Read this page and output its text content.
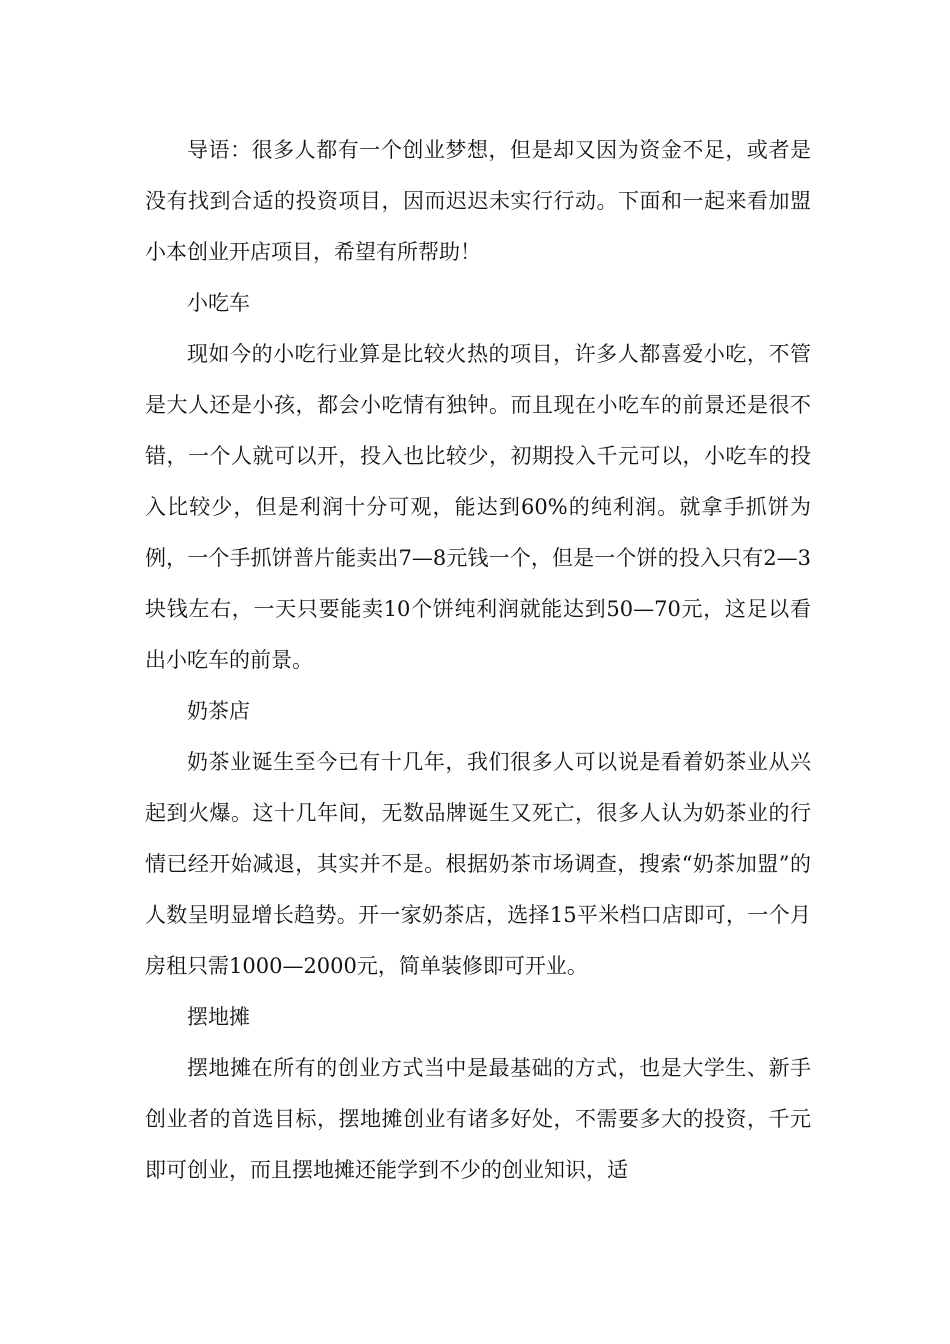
导语：很多人都有一个创业梦想，但是却又因为资金不足，或者是没有找到合适的投资项目，因而迟迟未实行行动。下面和一起来看加盟小本创业开店项目，希望有所帮助！

小吃车

现如今的小吃行业算是比较火热的项目，许多人都喜爱小吃，不管是大人还是小孩，都会小吃情有独钟。而且现在小吃车的前景还是很不错，一个人就可以开，投入也比较少，初期投入千元可以，小吃车的投入比较少，但是利润十分可观，能达到60%的纯利润。就拿手抓饼为例，一个手抓饼普片能卖出7—8元钱一个，但是一个饼的投入只有2—3块钱左右，一天只要能卖10个饼纯利润就能达到50—70元，这足以看出小吃车的前景。

奶茶店

奶茶业诞生至今已有十几年，我们很多人可以说是看着奶茶业从兴起到火爆。这十几年间，无数品牌诞生又死亡，很多人认为奶茶业的行情已经开始减退，其实并不是。根据奶茶市场调查，搜索“奶茶加盟”的人数呈明显增长趋势。开一家奶茶店，选择15平米档口店即可，一个月房租只需1000—2000元，简单装修即可开业。

摆地摊

摆地摊在所有的创业方式当中是最基础的方式，也是大学生、新手创业者的首选目标，摆地摊创业有诸多好处，不需要多大的投资，千元即可创业，而且摆地摊还能学到不少的创业知识，适
